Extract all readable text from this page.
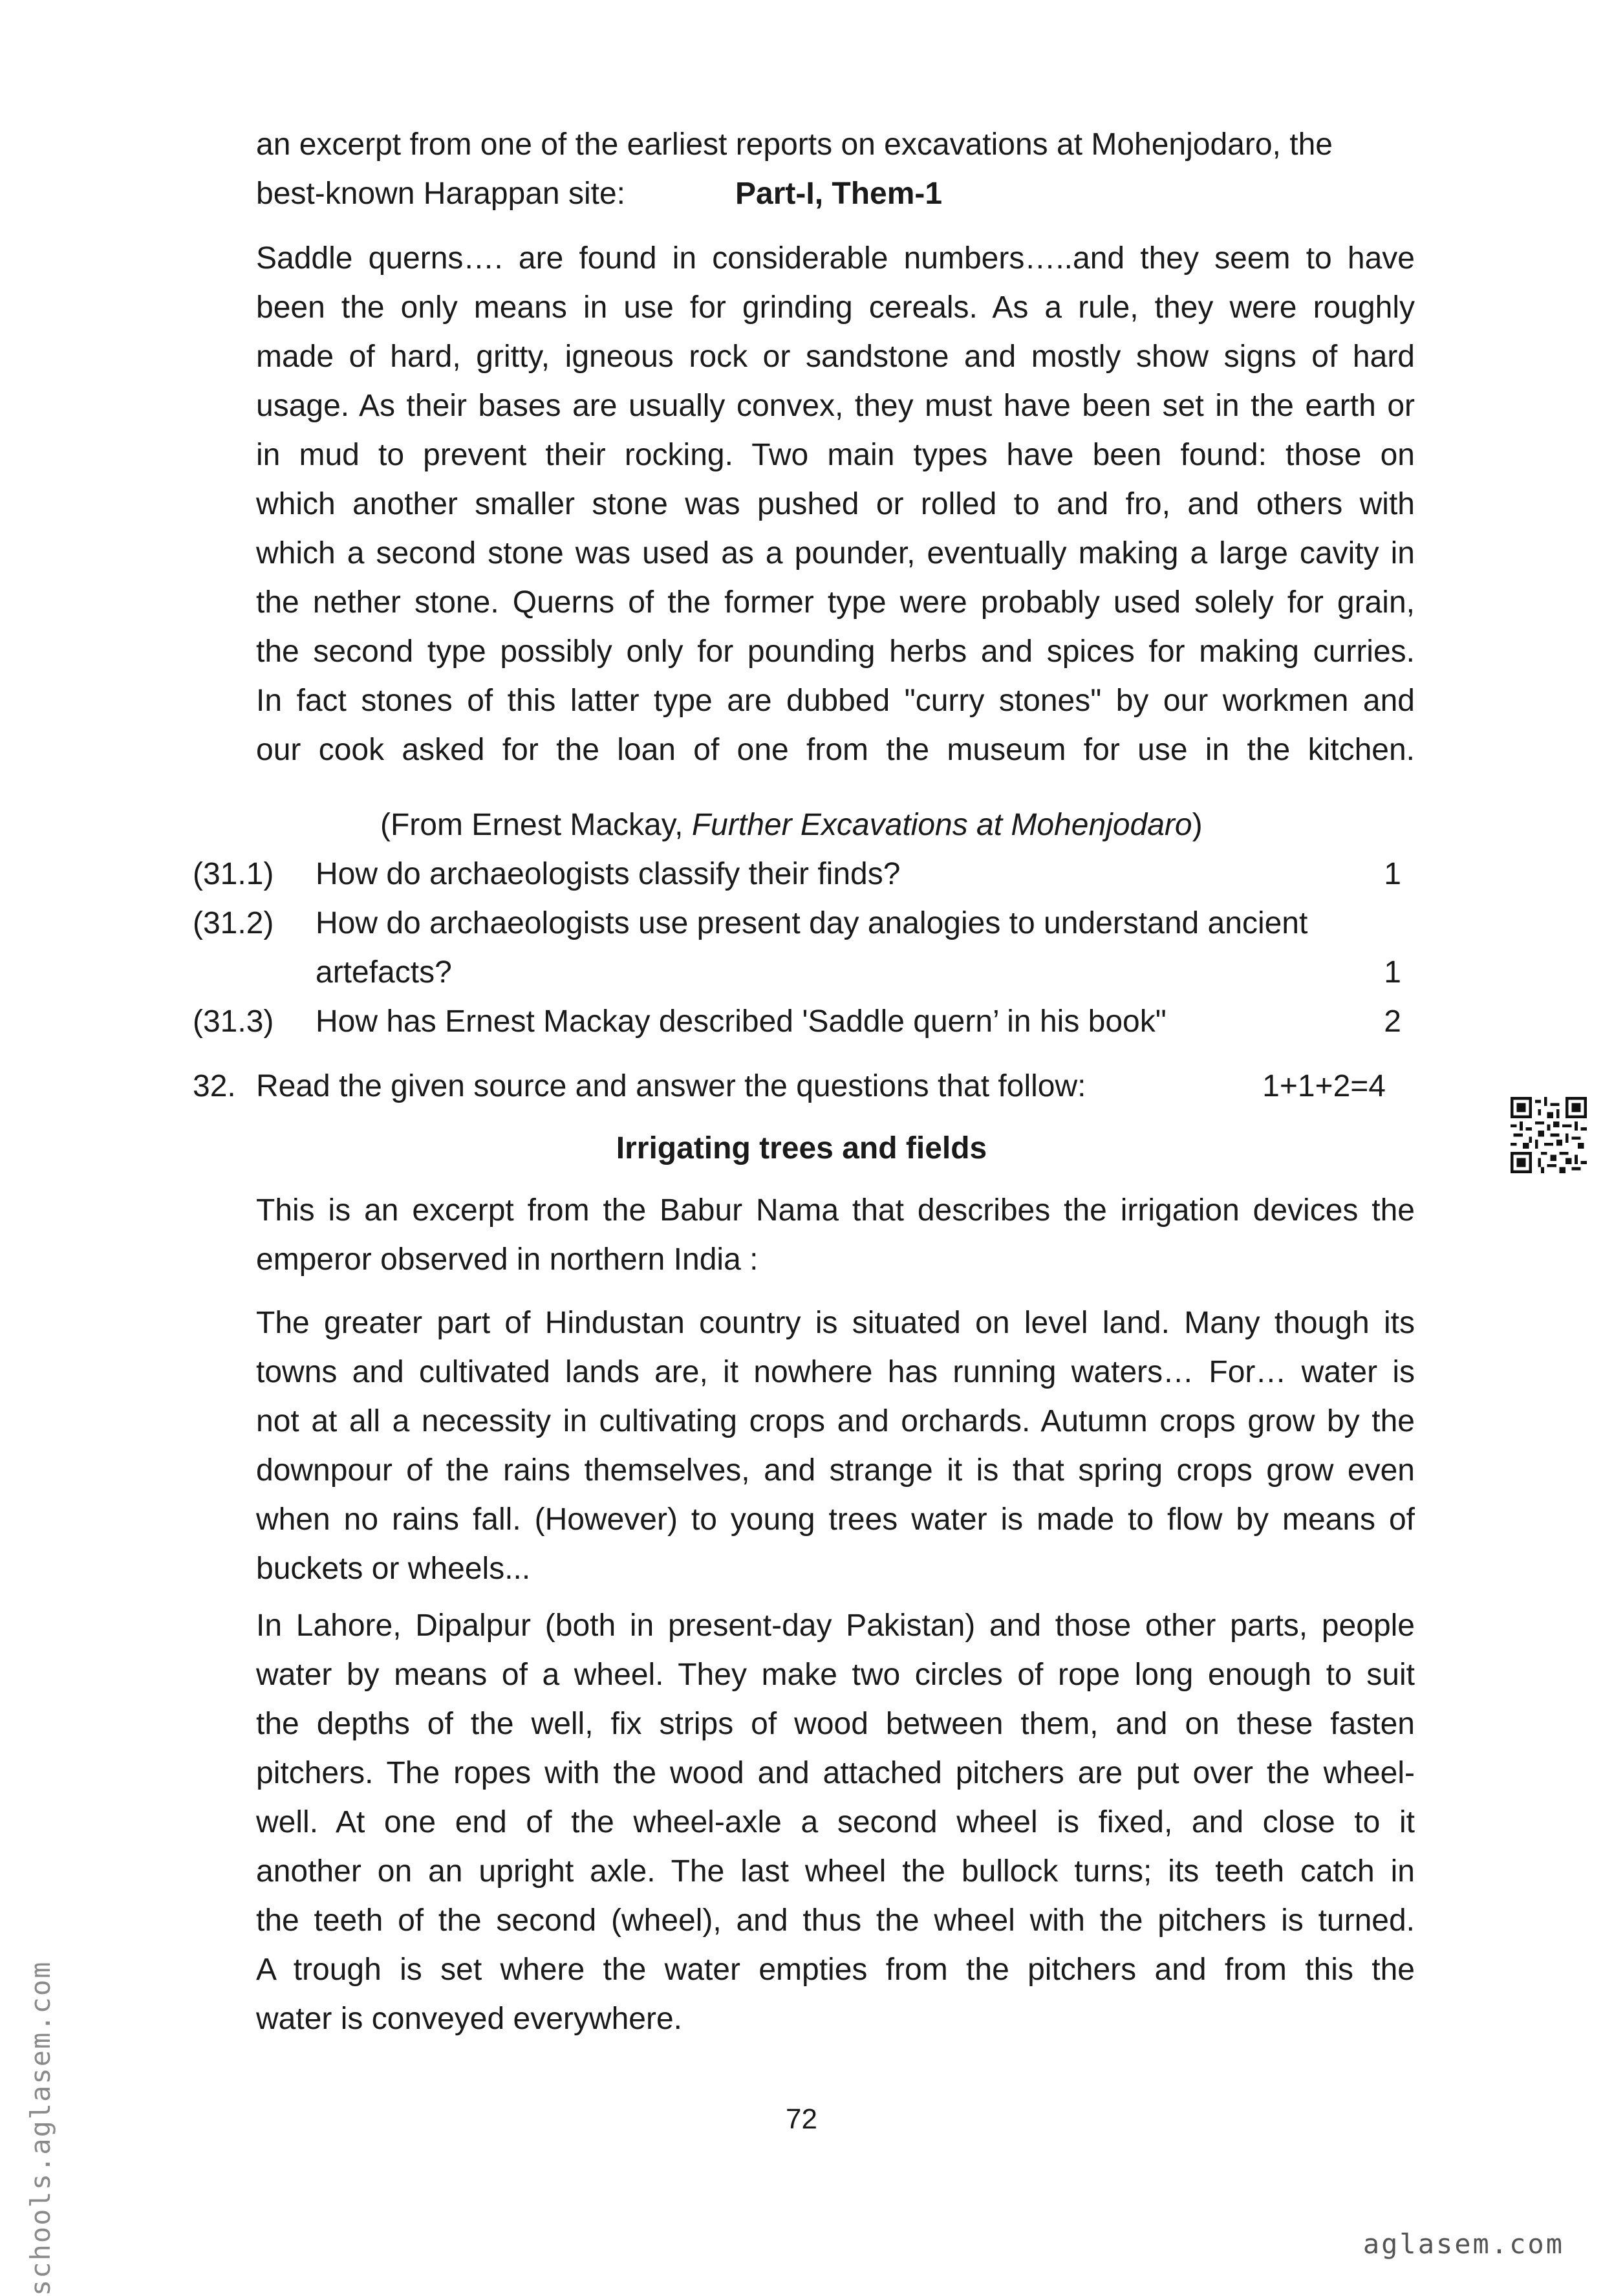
an excerpt from one of the earliest reports on excavations at Mohenjodaro, the
best-known Harappan site:	Part-I, Them-1
Saddle querns…. are found in considerable numbers…..and they seem to have
been the only means in use for grinding cereals. As a rule, they were roughly
made of hard, gritty, igneous rock or sandstone and mostly show signs of hard
usage. As their bases are usually convex, they must have been set in the earth or
in mud to prevent their rocking. Two main types have been found: those on
which another smaller stone was pushed or rolled to and fro, and others with
which a second stone was used as a pounder, eventually making a large cavity in
the nether stone. Querns of the former type were probably used solely for grain,
the second type possibly only for pounding herbs and spices for making curries.
In fact stones of this latter type are dubbed "curry stones" by our workmen and
our cook asked for the loan of one from the museum for use in the kitchen.
(From Ernest Mackay, Further Excavations at Mohenjodaro)
(31.1) How do archaeologists classify their finds?	1
(31.2) How do archaeologists use present day analogies to understand ancient
artefacts?	1
(31.3) How has Ernest Mackay described 'Saddle quern’ in his book"	2
32. Read the given source and answer the questions that follow:	1+1+2=4
Irrigating trees and fields
This is an excerpt from the Babur Nama that describes the irrigation devices the
emperor observed in northern India :
The greater part of Hindustan country is situated on level land. Many though its
towns and cultivated lands are, it nowhere has running waters… For… water is
not at all a necessity in cultivating crops and orchards. Autumn crops grow by the
downpour of the rains themselves, and strange it is that spring crops grow even
when no rains fall. (However) to young trees water is made to flow by means of
buckets or wheels...
In Lahore, Dipalpur (both in present-day Pakistan) and those other parts, people
water by means of a wheel. They make two circles of rope long enough to suit
the depths of the well, fix strips of wood between them, and on these fasten
pitchers. The ropes with the wood and attached pitchers are put over the wheel-
well. At one end of the wheel-axle a second wheel is fixed, and close to it
another on an upright axle. The last wheel the bullock turns; its teeth catch in
the teeth of the second (wheel), and thus the wheel with the pitchers is turned.
A trough is set where the water empties from the pitchers and from this the
water is conveyed everywhere.
72
schools.aglasem.com	aglasem.com
